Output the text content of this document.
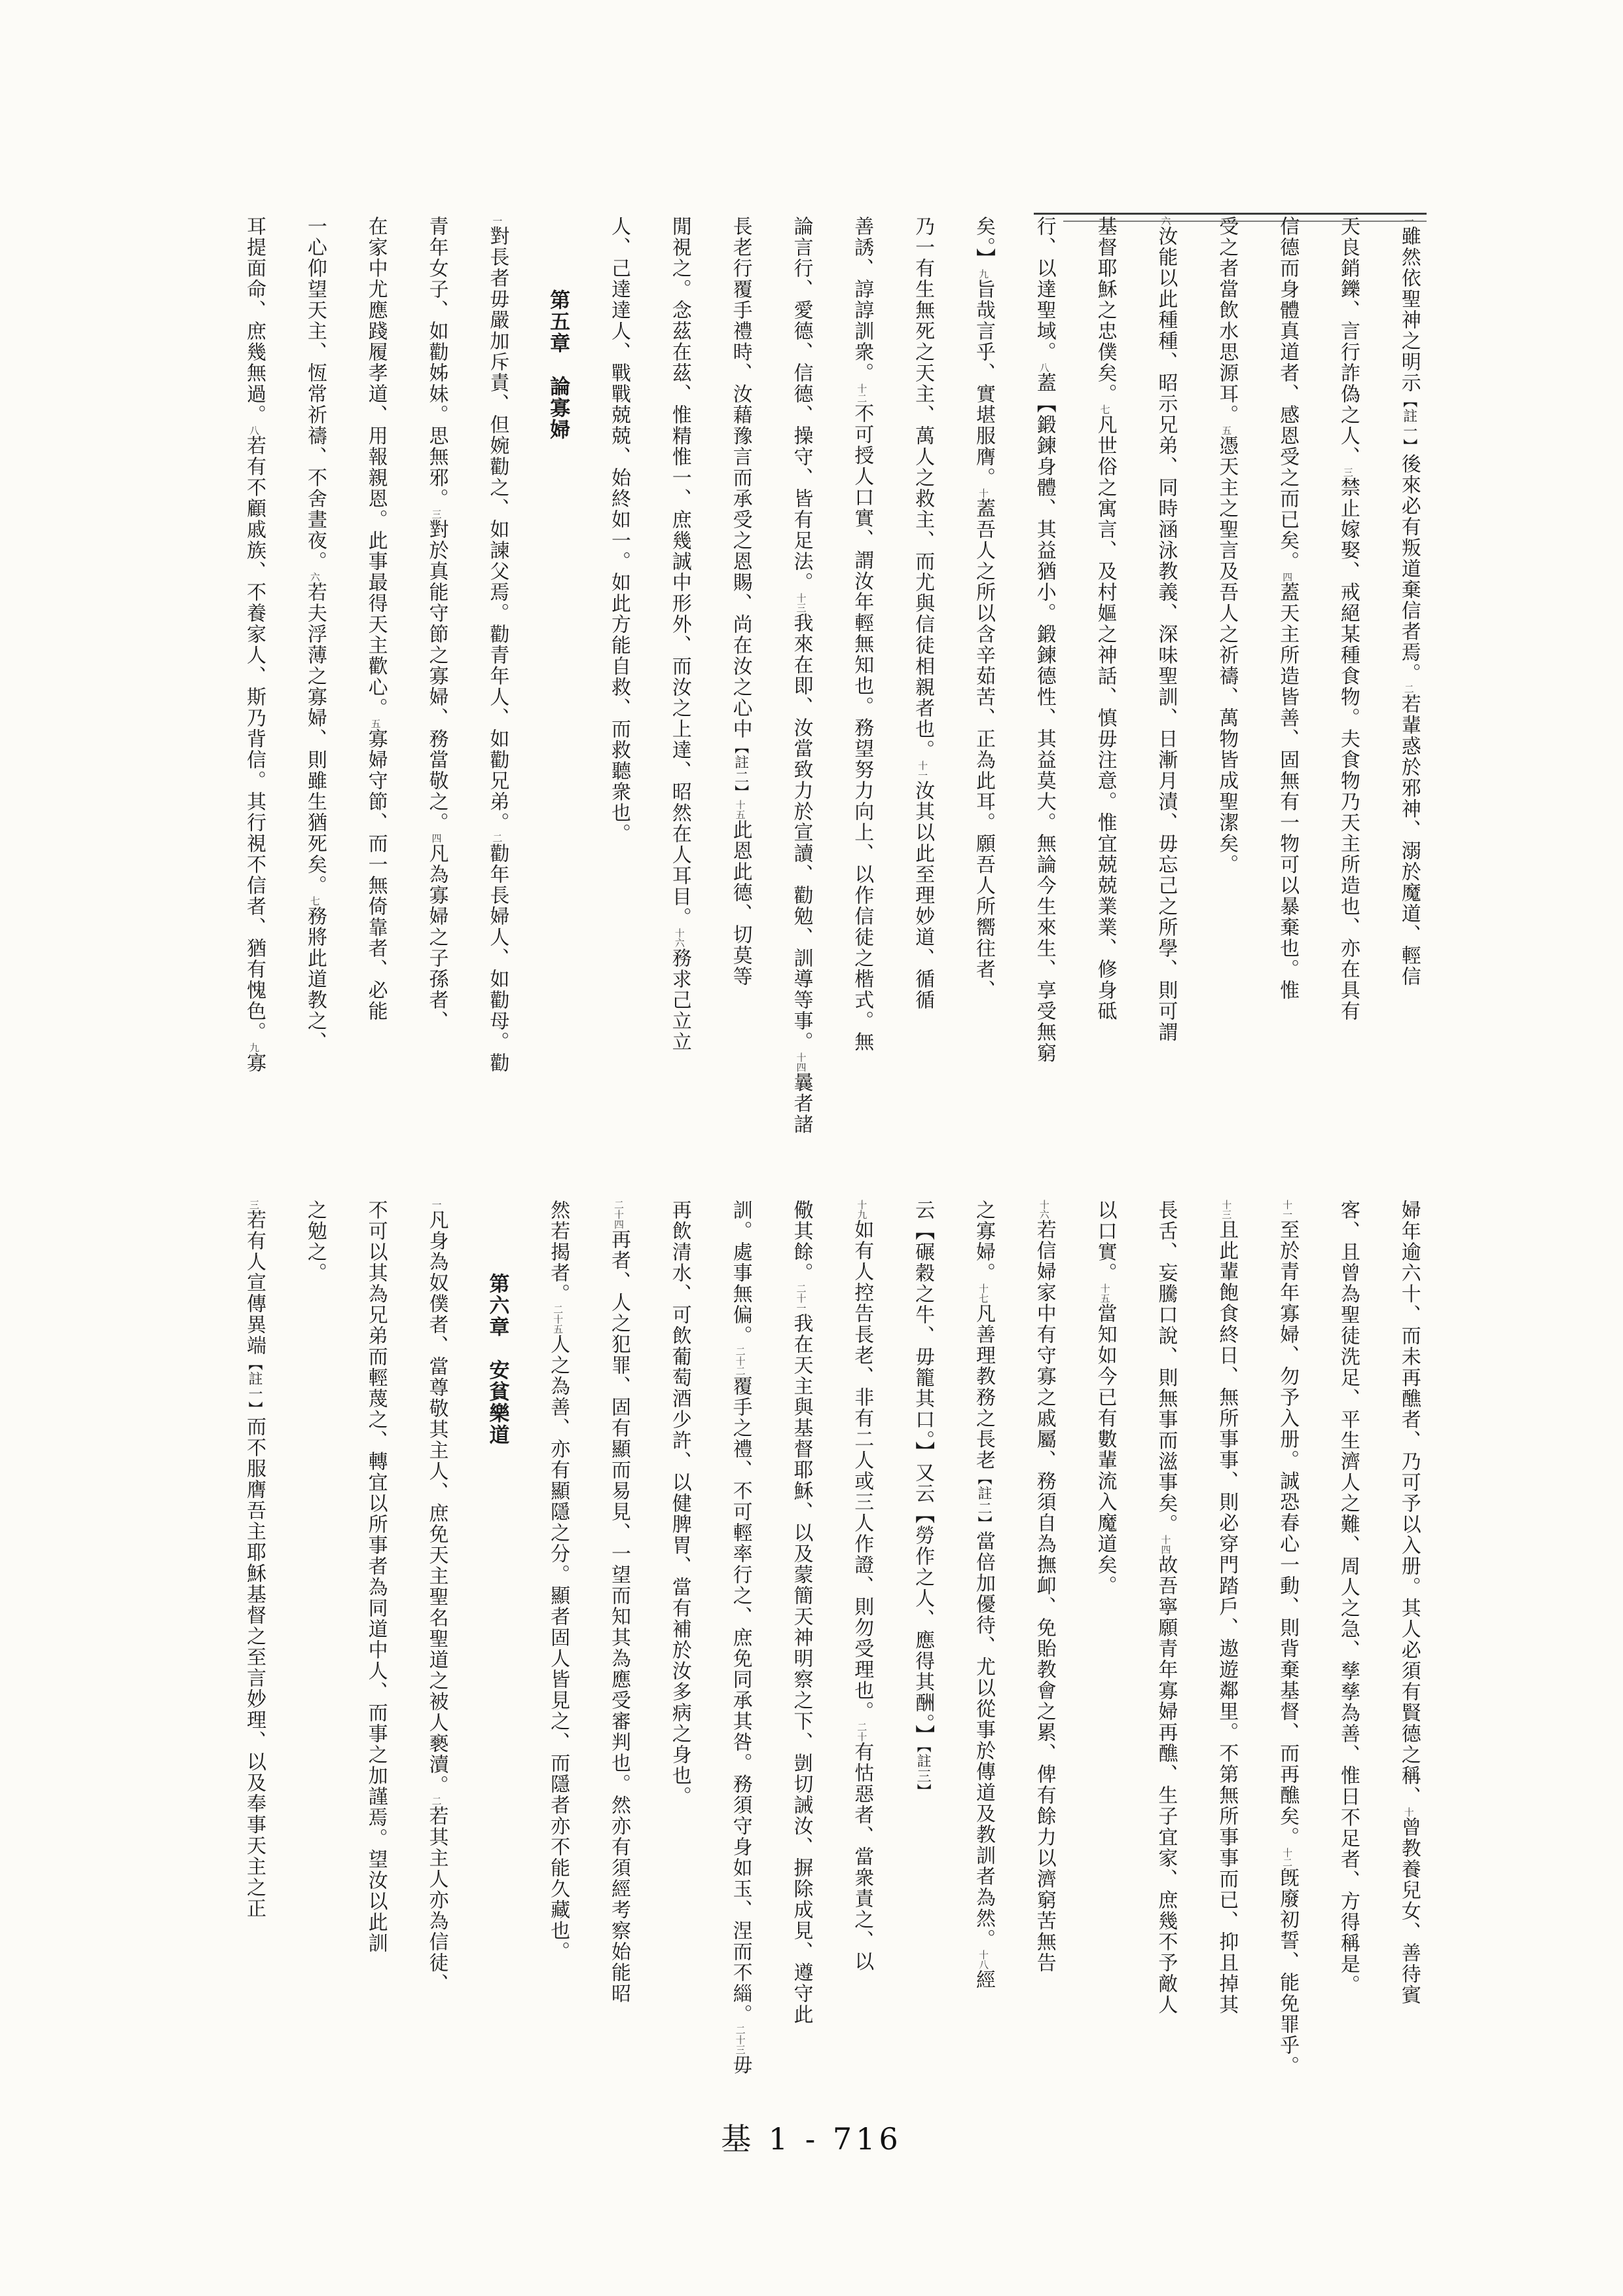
一雖然依聖神之明示【註一】後來必有叛道棄信者焉。二若輩惑於邪神、溺於魔道、輕信
天良銷鑠、言行詐偽之人、三禁止嫁娶、戒絕某種食物。夫食物乃天主所造也、亦在具有
信德而身體真道者、感恩受之而已矣。四蓋天主所造皆善、固無有一物可以暴棄也。惟
受之者當飲水思源耳。五憑天主之聖言及吾人之祈禱、萬物皆成聖潔矣。
六汝能以此種種、昭示兄弟、同時涵泳教義、深味聖訓、日漸月漬、毋忘己之所學、則可謂
基督耶穌之忠僕矣。七凡世俗之寓言、及村嫗之神話、慎毋注意。惟宜兢兢業業、修身砥
行、以達聖域。八蓋【鍛鍊身體、其益猶小。鍛鍊德性、其益莫大。無論今生來生、享受無窮
矣。】九旨哉言乎、實堪服膺。十蓋吾人之所以含辛茹苦、正為此耳。願吾人所嚮往者、
乃一有生無死之天主、萬人之救主、而尤與信徒相親者也。十一汝其以此至理妙道、循循
善誘、諄諄訓衆。十二不可授人口實、謂汝年輕無知也。務望努力向上、以作信徒之楷式。無
論言行、愛德、信德、操守、皆有足法。十三我來在即、汝當致力於宣讀、勸勉、訓導等事。十四曩者諸
長老行覆手禮時、汝藉豫言而承受之恩賜、尚在汝之心中【註二】十五此恩此德、切莫等
閒視之。念茲在茲、惟精惟一、庶幾誠中形外、而汝之上達、昭然在人耳目。十六務求己立立
人、己達達人、戰戰兢兢、始終如一。如此方能自救、而救聽衆也。
第五章　論寡婦
一對長者毋嚴加斥責、但婉勸之、如諫父焉。勸青年人、如勸兄弟。二勸年長婦人、如勸母。勸
青年女子、如勸姊妹。思無邪。三對於真能守節之寡婦、務當敬之。四凡為寡婦之子孫者、
在家中尤應踐履孝道、用報親恩。此事最得天主歡心。五寡婦守節、而一無倚靠者、必能
一心仰望天主、恆常祈禱、不舍晝夜。六若夫浮薄之寡婦、則雖生猶死矣。七務將此道教之、
耳提面命、庶幾無過。八若有不顧戚族、不養家人、斯乃背信。其行視不信者、猶有愧色。九寡
婦年逾六十、而未再醮者、乃可予以入册。其人必須有賢德之稱、十曾教養兒女、善待賓
客、且曾為聖徒洗足、平生濟人之難、周人之急、孳孳為善、惟日不足者、方得稱是。
十一至於青年寡婦、勿予入册。誠恐春心一動、則背棄基督、而再醮矣。十二旣廢初誓、能免罪乎。
十三且此輩飽食終日、無所事事、則必穿門踏戶、遨遊鄰里。不第無所事事而已、抑且掉其
長舌、妄騰口說、則無事而滋事矣。十四故吾寧願青年寡婦再醮、生子宜家、庶幾不予敵人
以口實。十五當知如今已有數輩流入魔道矣。
十六若信婦家中有守寡之戚屬、務須自為撫卹、免貽教會之累、俾有餘力以濟窮苦無告
之寡婦。十七凡善理教務之長老【註二】當倍加優待、尤以從事於傳道及教訓者為然。十八經
云【碾穀之牛、毋籠其口。】又云【勞作之人、應得其酬。】【註三】
十九如有人控告長老、非有二人或三人作證、則勿受理也。二十有怙惡者、當衆責之、以
儆其餘。二十一我在天主與基督耶穌、以及蒙簡天神明察之下、剴切誡汝、摒除成見、遵守此
訓。處事無偏。二十二覆手之禮、不可輕率行之、庶免同承其咎。務須守身如玉、涅而不緇。二十三毋
再飲清水、可飲葡萄酒少許、以健脾胃、當有補於汝多病之身也。
二十四再者、人之犯罪、固有顯而易見、一望而知其為應受審判也。然亦有須經考察始能昭
然若揭者。二十五人之為善、亦有顯隱之分。顯者固人皆見之、而隱者亦不能久藏也。
第六章　安貧樂道
一凡身為奴僕者、當尊敬其主人、庶免天主聖名聖道之被人褻瀆。二若其主人亦為信徒、
不可以其為兄弟而輕蔑之、轉宜以所事者為同道中人、而事之加謹焉。望汝以此訓
之勉之。
三若有人宣傳異端【註一】而不服膺吾主耶穌基督之至言妙理、以及奉事天主之正
基 1 - 716
